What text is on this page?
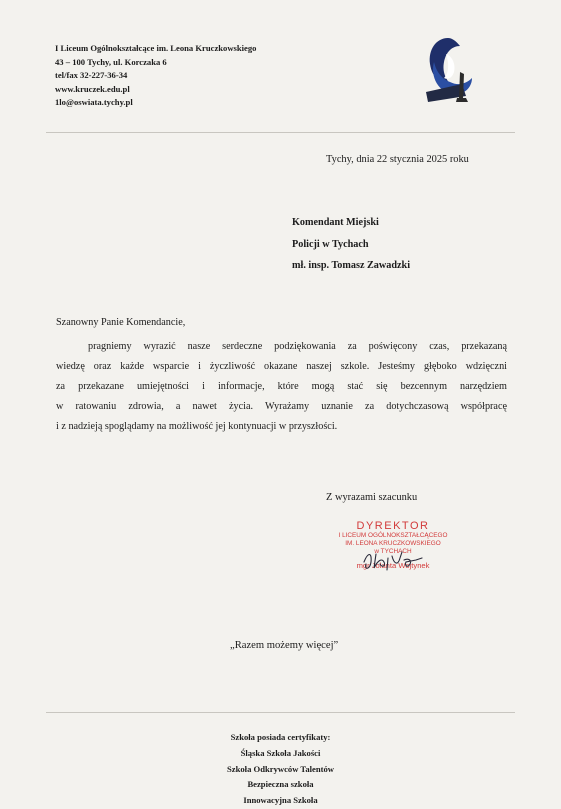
I Liceum Ogólnokształcące im. Leona Kruczkowskiego
43 – 100 Tychy, ul. Korczaka 6
tel/fax 32-227-36-34
www.kruczek.edu.pl
1lo@oswiata.tychy.pl
Tychy, dnia 22 stycznia 2025 roku
Komendant Miejski
Policji w Tychach
mł. insp. Tomasz Zawadzki
Szanowny Panie Komendancie,
pragniemy wyrazić nasze serdeczne podziękowania za poświęcony czas, przekazaną
wiedzę oraz każde wsparcie i życzliwość okazane naszej szkole. Jesteśmy głęboko wdzięczni
za przekazane umiejętności i informacje, które mogą stać się bezcennym narzędziem
w ratowaniu zdrowia, a nawet życia. Wyrażamy uznanie za dotychczasową współpracę
i z nadzieją spoglądamy na możliwość jej kontynuacji w przyszłości.
Z wyrazami szacunku
DYREKTOR
I LICEUM OGÓLNOKSZTAŁCĄCEGO
IM. LEONA KRUCZKOWSKIEGO
w TYCHACH
mgr Jolanta Wojtynek
„Razem możemy więcej”
Szkoła posiada certyfikaty:
Śląska Szkoła Jakości
Szkoła Odkrywców Talentów
Bezpieczna szkoła
Innowacyjna Szkoła
